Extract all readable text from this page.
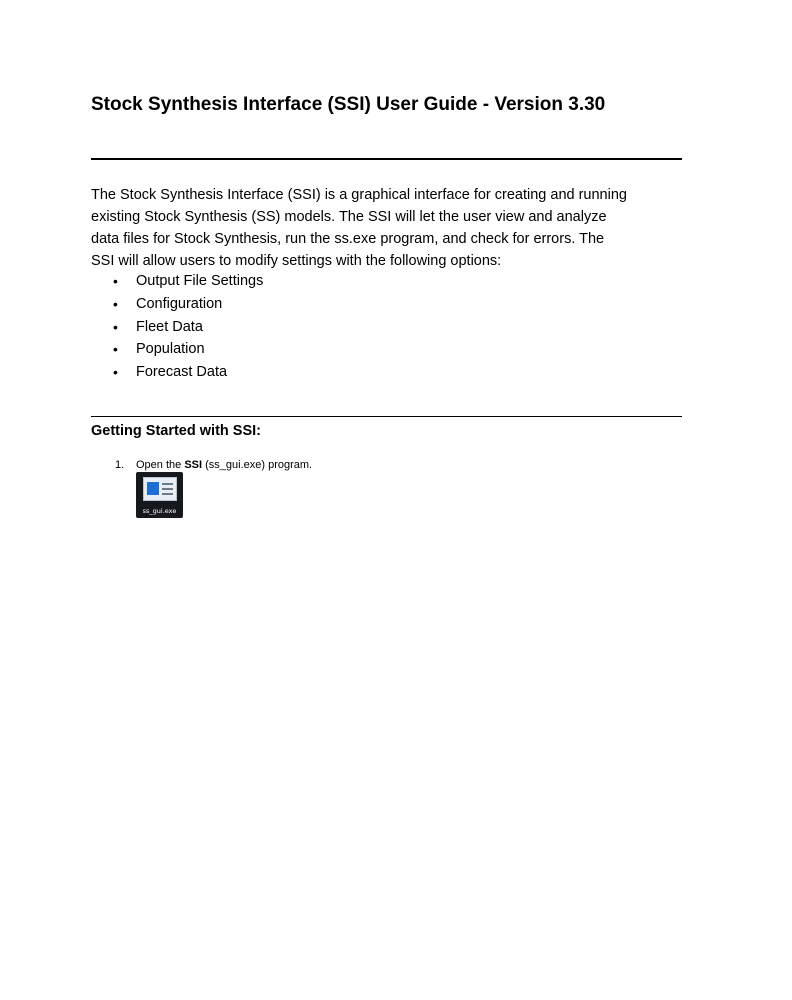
Stock Synthesis Interface (SSI) User Guide - Version 3.30

The Stock Synthesis Interface (SSI) is a graphical interface for creating and running

existing Stock Synthesis (SS) models. The SSI will let the user view and analyze

data files for Stock Synthesis, run the ss.exe program, and check for errors. The

SSI will allow users to modify settings with the following options:

• Output File Settings
• Configuration
• Fleet Data
• Population
• Forecast Data
Getting Started with SSI:
1. Open the SSI (ss_gui.exe) program.
ss_gui.exe
